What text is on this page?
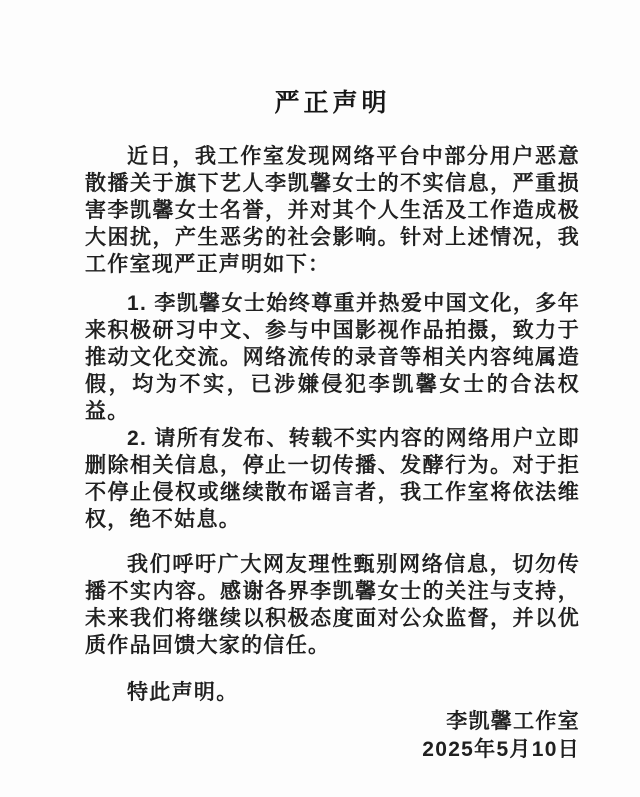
严正声明

近日，我工作室发现网络平台中部分用户恶意散播关于旗下艺人李凯馨女士的不实信息，严重损害李凯馨女士名誉，并对其个人生活及工作造成极大困扰，产生恶劣的社会影响。针对上述情况，我工作室现严正声明如下：

1. 李凯馨女士始终尊重并热爱中国文化，多年来积极研习中文、参与中国影视作品拍摄，致力于推动文化交流。网络流传的录音等相关内容纯属造假，均为不实，已涉嫌侵犯李凯馨女士的合法权益。

2. 请所有发布、转载不实内容的网络用户立即删除相关信息，停止一切传播、发酵行为。对于拒不停止侵权或继续散布谣言者，我工作室将依法维权，绝不姑息。

我们呼吁广大网友理性甄别网络信息，切勿传播不实内容。感谢各界李凯馨女士的关注与支持，未来我们将继续以积极态度面对公众监督，并以优质作品回馈大家的信任。

特此声明。

李凯馨工作室
2025年5月10日
